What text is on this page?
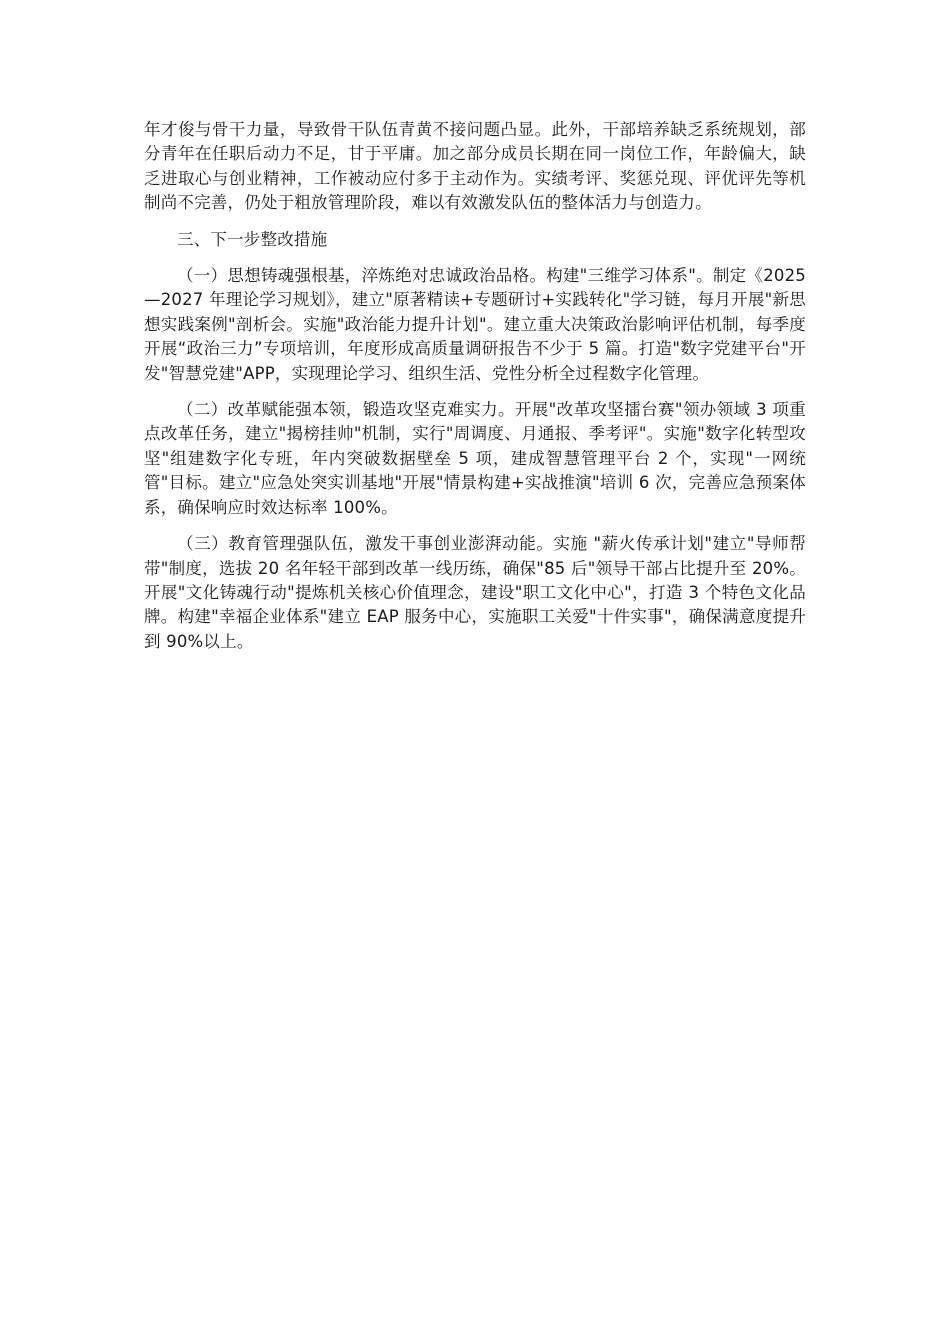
年才俊与骨干力量，导致骨干队伍青黄不接问题凸显。此外，干部培养缺乏系统规划，部分青年在任职后动力不足，甘于平庸。加之部分成员长期在同一岗位工作，年龄偏大，缺乏进取心与创业精神，工作被动应付多于主动作为。实绩考评、奖惩兑现、评优评先等机制尚不完善，仍处于粗放管理阶段，难以有效激发队伍的整体活力与创造力。

三、下一步整改措施

（一）思想铸魂强根基，淬炼绝对忠诚政治品格。构建"三维学习体系"。制定《2025—2027 年理论学习规划》，建立"原著精读+专题研讨+实践转化"学习链，每月开展"新思想实践案例"剖析会。实施"政治能力提升计划"。建立重大决策政治影响评估机制，每季度开展“政治三力”专项培训，年度形成高质量调研报告不少于 5 篇。打造"数字党建平台"开发"智慧党建"APP，实现理论学习、组织生活、党性分析全过程数字化管理。

（二）改革赋能强本领，锻造攻坚克难实力。开展"改革攻坚擂台赛"领办领域 3 项重点改革任务，建立"揭榜挂帅"机制，实行"周调度、月通报、季考评"。实施"数字化转型攻坚"组建数字化专班，年内突破数据壁垒 5 项，建成智慧管理平台 2 个，实现"一网统管"目标。建立"应急处突实训基地"开展"情景构建+实战推演"培训 6 次，完善应急预案体系，确保响应时效达标率 100%。

（三）教育管理强队伍，激发干事创业澎湃动能。实施 "薪火传承计划"建立"导师帮带"制度，选拔 20 名年轻干部到改革一线历练，确保"85 后"领导干部占比提升至 20%。开展"文化铸魂行动"提炼机关核心价值理念，建设"职工文化中心"，打造 3 个特色文化品牌。构建"幸福企业体系"建立 EAP 服务中心，实施职工关爱"十件实事"，确保满意度提升到 90%以上。
